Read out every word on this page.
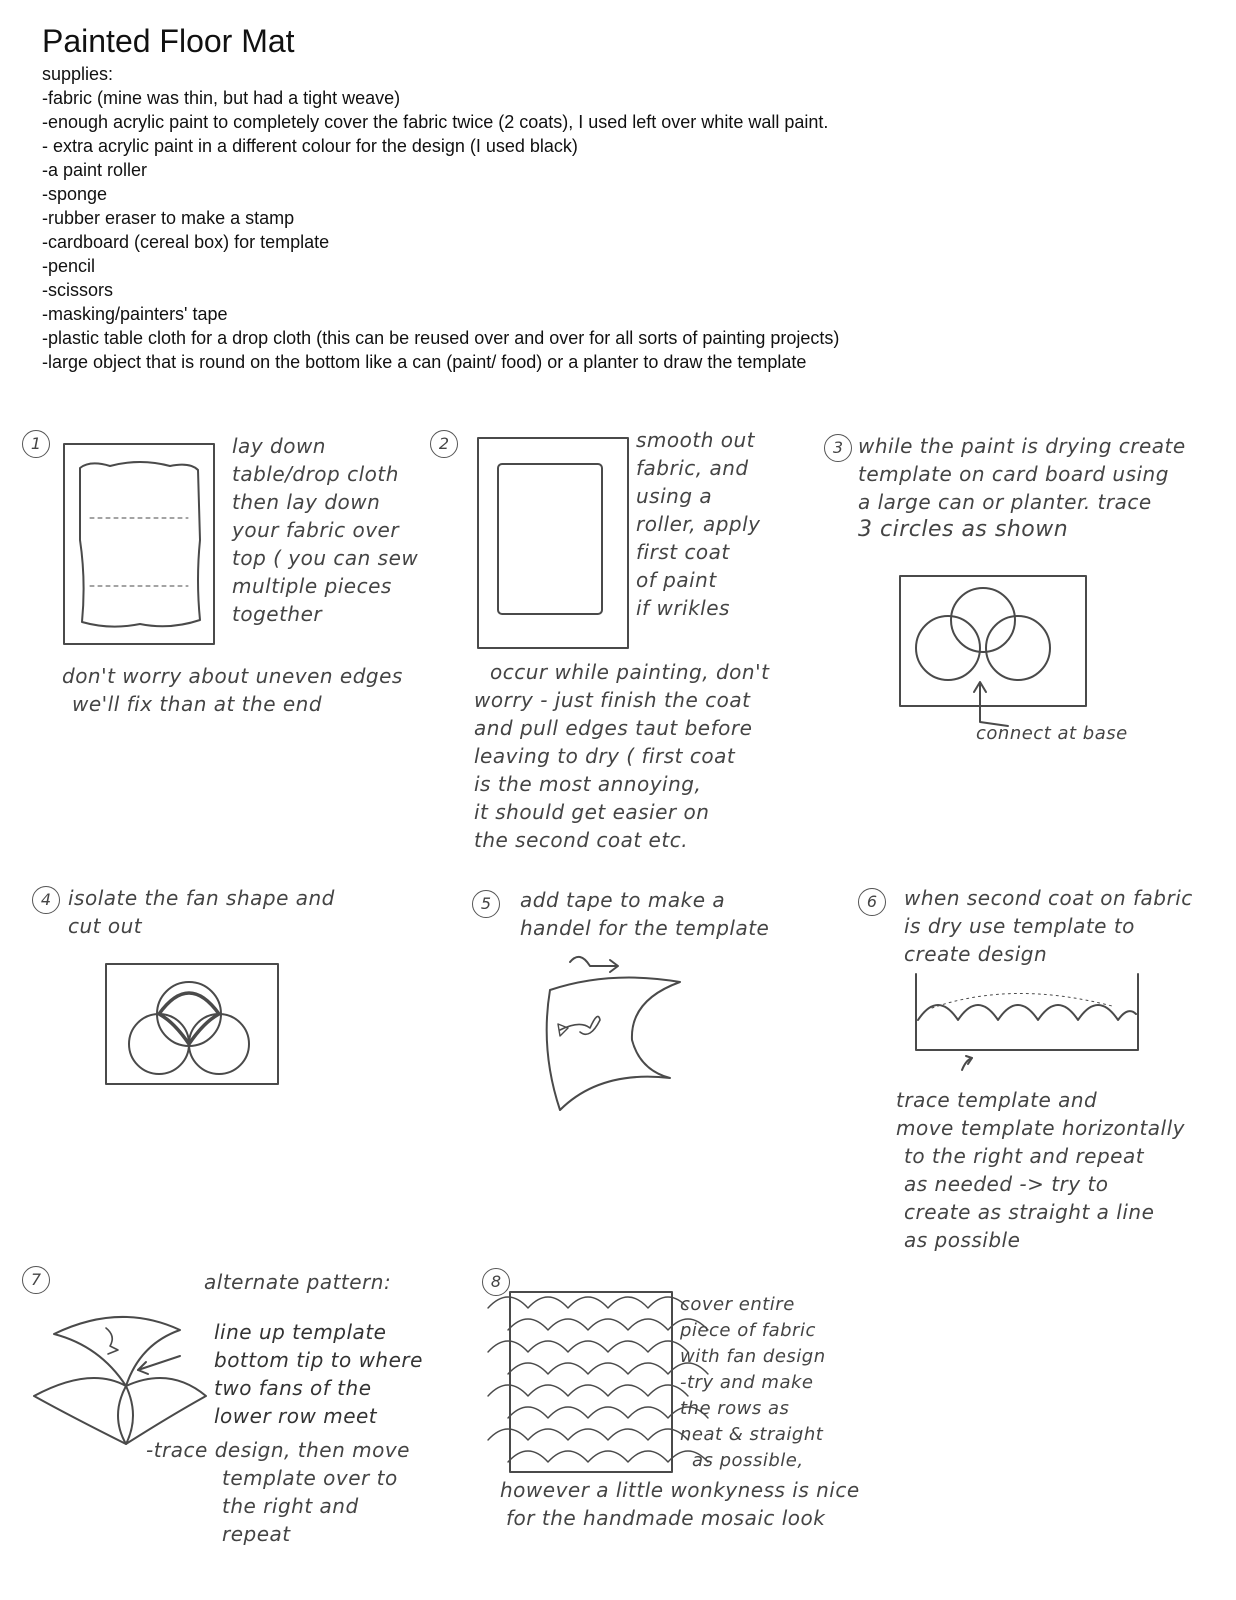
Painted Floor Mat
supplies:
-fabric (mine was thin, but had a tight weave)
-enough acrylic paint to completely cover the fabric twice (2 coats), I used left over white wall paint.
- extra acrylic paint in a different colour for the design (I used black)
-a paint roller
-sponge
-rubber eraser to make a stamp
-cardboard (cereal box) for template
-pencil
-scissors
-masking/painters' tape
-plastic table cloth for a drop cloth (this can be reused over and over for all sorts of painting projects)
-large object that is round on the bottom like a can (paint/ food) or a planter to draw the template
1	lay down
table/drop cloth
then lay down
your fabric over
top ( you can sew
multiple pieces
together
don't worry about uneven edges
we'll fix than at the end
2	smooth out
fabric, and
using a
roller, apply
first coat
of paint
if wrikles
occur while painting, don't
worry - just finish the coat
and pull edges taut before
leaving to dry ( first coat
is the most annoying,
it should get easier on
the second coat etc.
3 while the paint is drying create
template on card board using
a large can or planter. trace
3 circles as shown
connect at base
4 isolate the fan shape and
cut out
5	add tape to make a
handel for the template
6	when second coat on fabric
is dry use template to
create design
trace template and
move template horizontally
to the right and repeat
as needed -> try to
create as straight a line
as possible
7	alternate pattern:
line up template
bottom tip to where
two fans of the
lower row meet
-trace design, then move
template over to
the right and
repeat
8
cover entire
piece of fabric
with fan design
-try and make
the rows as
neat & straight
as possible,
however a little wonkyness is nice
for the handmade mosaic look
